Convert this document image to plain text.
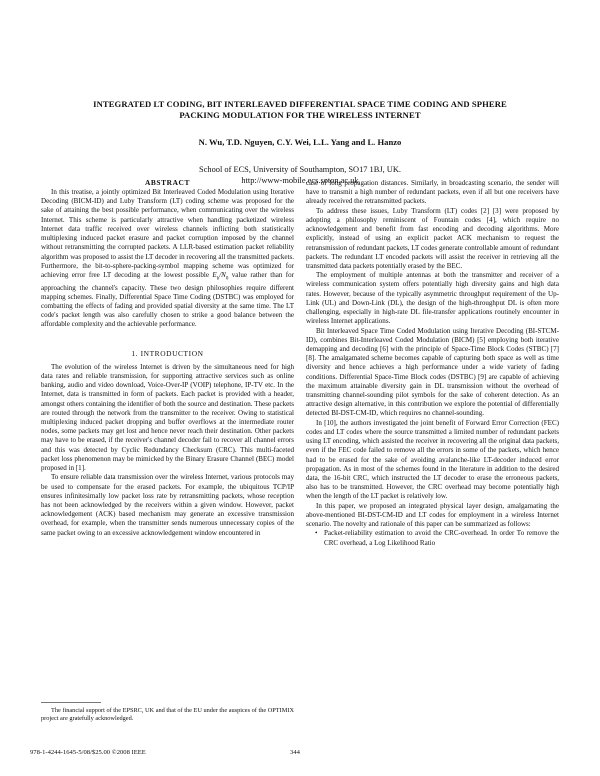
INTEGRATED LT CODING, BIT INTERLEAVED DIFFERENTIAL SPACE TIME CODING AND SPHERE
PACKING MODULATION FOR THE WIRELESS INTERNET
N. Wu, T.D. Nguyen, C.Y. Wei, L.L. Yang and L. Hanzo
School of ECS, University of Southampton, SO17 1BJ, UK.
http://www-mobile.ecs.soton.ac.uk
ABSTRACT

In this treatise, a jointly optimized Bit Interleaved Coded Modulation using Iterative Decoding (BICM-ID) and Luby Transform (LT) coding scheme was proposed for the sake of attaining the best possible performance, when communicating over the wireless Internet. This scheme is particularly attractive when handling packetized wireless Internet data traffic received over wireless channels inflicting both statistically multiplexing induced packet erasure and packet corruption imposed by the channel without retransmitting the corrupted packets. A LLR-based estimation packet reliability algorithm was proposed to assist the LT decoder in recovering all the transmitted packets. Furthermore, the bit-to-sphere-packing-symbol mapping scheme was optimized for achieving error free LT decoding at the lowest possible $E_b/N_0$ value rather than for approaching the channel's capacity. These two design philosophies require different mapping schemes. Finally, Differential Space Time Coding (DSTBC) was employed for combatting the effects of fading and provided spatial diversity at the same time. The LT code's packet length was also carefully chosen to strike a good balance between the affordable complexity and the achievable performance.

1. INTRODUCTION

The evolution of the wireless Internet is driven by the simultaneous need for high data rates and reliable transmission, for supporting attractive services such as online banking, audio and video download, Voice-Over-IP (VOIP) telephone, IP-TV etc. In the Internet, data is transmitted in form of packets. Each packet is provided with a header, amongst others containing the identifier of both the source and destination. These packets are routed through the network from the transmitter to the receiver. Owing to statistical multiplexing induced packet dropping and buffer overflows at the intermediate router nodes, some packets may get lost and hence never reach their destination. Other packets may have to be erased, if the receiver's channel decoder fail to recover all channel errors and this was detected by Cyclic Redundancy Checksum (CRC). This multi-faceted packet loss phenomenon may be mimicked by the Binary Erasure Channel (BEC) model proposed in [1].

To ensure reliable data transmission over the wireless Internet, various protocols may be used to compensate for the erased packets. For example, the ubiquitous TCP/IP ensures infinitesimally low packet loss rate by retransmitting packets, whose reception has not been acknowledged by the receivers within a given window. However, packet acknowledgement (ACK) based mechanism may generate an excessive transmission overhead, for example, when the transmitter sends numerous unnecessary copies of the same packet owing to an excessive acknowledgement window encountered in

case of long propagation distances. Similarly, in broadcasting scenario, the sender will have to transmit a high number of redundant packets, even if all but one receivers have already received the retransmitted packets.

To address these issues, Luby Transform (LT) codes [2] [3] were proposed by adopting a philosophy reminiscent of Fountain codes [4], which require no acknowledgement and benefit from fast encoding and decoding algorithms. More explicitly, instead of using an explicit packet ACK mechanism to request the retransmission of redundant packets, LT codes generate controllable amount of redundant packets. The redundant LT encoded packets will assist the receiver in retrieving all the transmitted data packets potentially erased by the BEC.

The employment of multiple antennas at both the transmitter and receiver of a wireless communication system offers potentially high diversity gains and high data rates. However, because of the typically asymmetric throughput requirement of the Up-Link (UL) and Down-Link (DL), the design of the high-throughput DL is often more challenging, especially in high-rate DL file-transfer applications routinely encounter in wireless Internet applications.

Bit Interleaved Space Time Coded Modulation using Iterative Decoding (BI-STCM-ID), combines Bit-Interleaved Coded Modulation (BICM) [5] employing both iterative demapping and decoding [6] with the principle of Space-Time Block Codes (STBC) [7] [8]. The amalgamated scheme becomes capable of capturing both space as well as time diversity and hence achieves a high performance under a wide variety of fading conditions. Differential Space-Time Block codes (DSTBC) [9] are capable of achieving the maximum attainable diversity gain in DL transmission without the overhead of transmitting channel-sounding pilot symbols for the sake of coherent detection. As an attractive design alternative, in this contribution we explore the potential of differentially detected BI-DST-CM-ID, which requires no channel-sounding.

In [10], the authors investigated the joint benefit of Forward Error Correction (FEC) codes and LT codes where the source transmitted a limited number of redundant packets using LT encoding, which assisted the receiver in recovering all the original data packets, even if the FEC code failed to remove all the errors in some of the packets, which hence had to be erased for the sake of avoiding avalanche-like LT-decoder induced error propagation. As in most of the schemes found in the literature in addition to the desired data, the 16-bit CRC, which instructed the LT decoder to erase the erroneous packets, also has to be transmitted. However, the CRC overhead may become potentially high when the length of the LT packet is relatively low.

In this paper, we proposed an integrated physical layer design, amalgamating the above-mentioned BI-DST-CM-ID and LT codes for employment in a wireless Internet scenario. The novelty and rationale of this paper can be summarized as follows:

• Packet-reliability estimation to avoid the CRC-overhead. In order To remove the CRC overhead, a Log Likelihood Ratio
The financial support of the EPSRC, UK and that of the EU under the auspices of the OPTIMIX project are gratefully acknowledged.
978-1-4244-1645-5/08/$25.00 ©2008 IEEE	344
